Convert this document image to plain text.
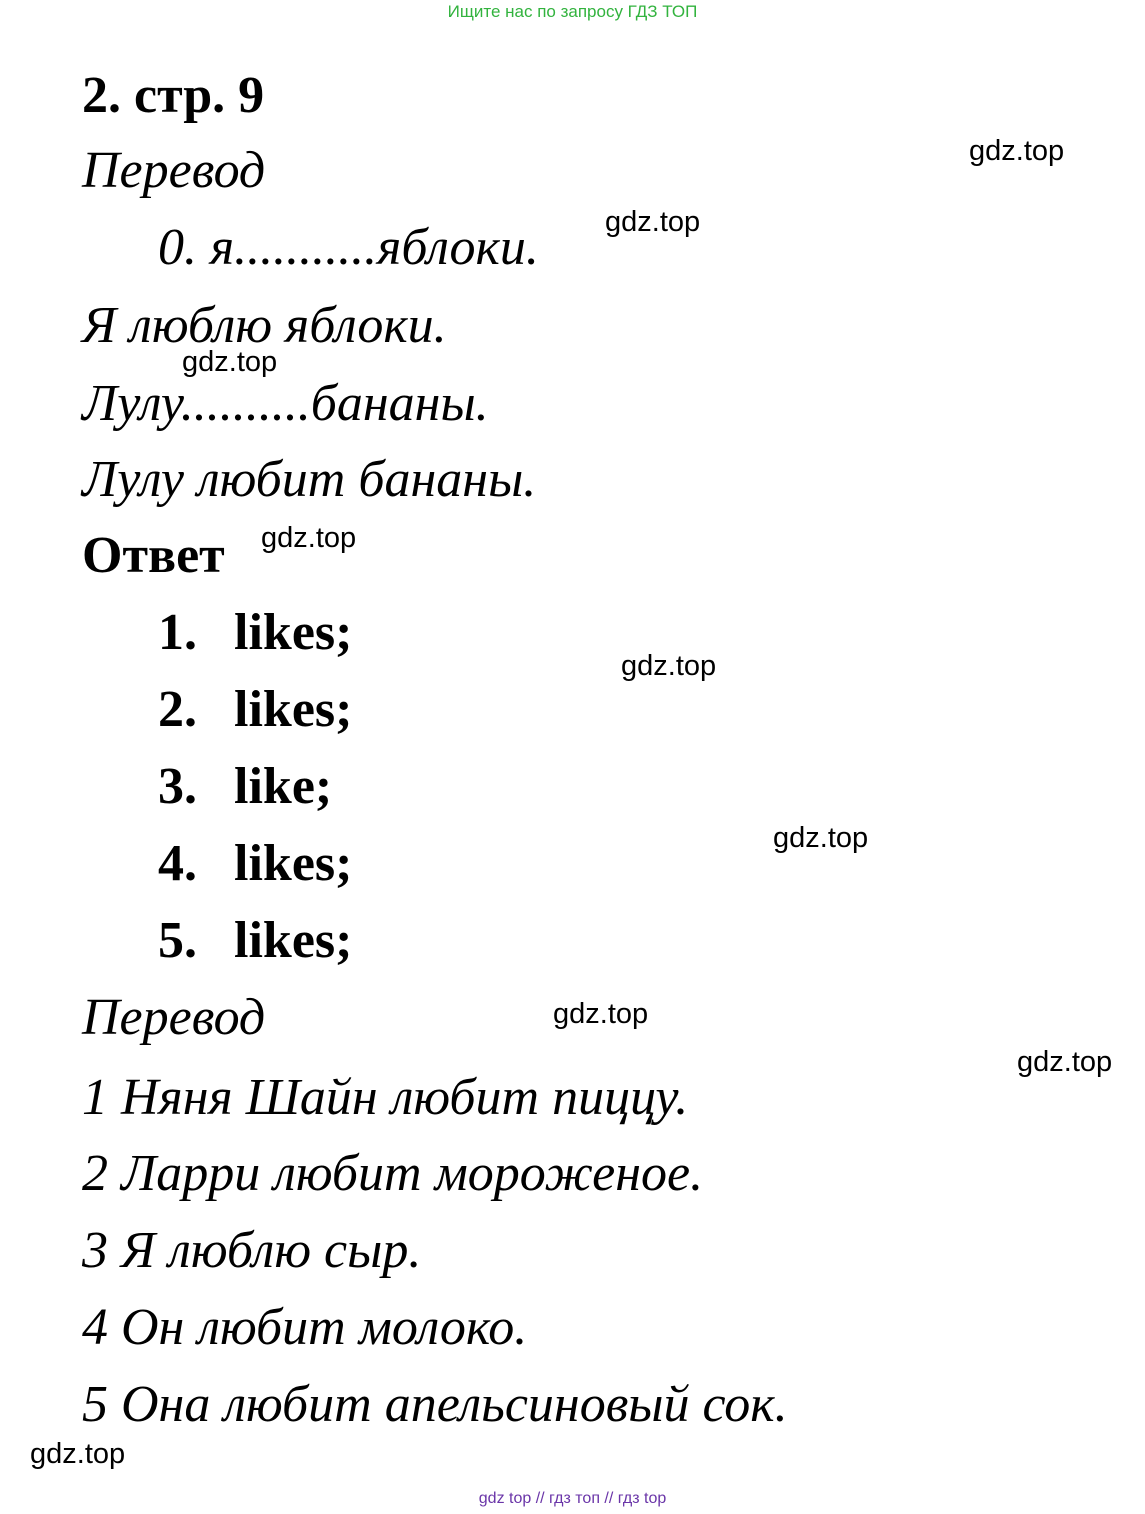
Ищите нас по запросу ГДЗ ТОП
2. стр. 9
Перевод
0. я...........яблоки.
Я люблю яблоки.
Лулу..........бананы.
Лулу любит бананы.
Ответ
1. likes;
2. likes;
3. like;
4. likes;
5. likes;
Перевод
1 Няня Шайн любит пиццу.
2 Ларри любит мороженое.
3 Я люблю сыр.
4 Он любит молоко.
5 Она любит апельсиновый сок.
gdz.top
gdz.top
gdz.top
gdz.top
gdz.top
gdz.top
gdz.top
gdz.top
gdz.top
gdz top // гдз топ // гдз top
